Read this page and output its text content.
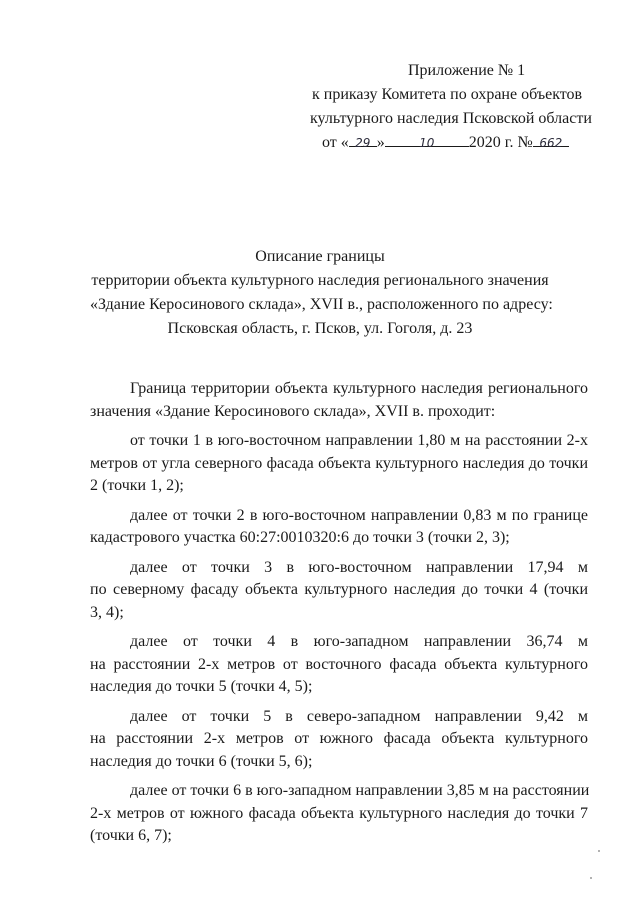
Приложение № 1
к приказу Комитета по охране объектов
культурного наследия Псковской области
от « 29 »	10 2020 г. № 662
Описание границы
территории объекта культурного наследия регионального значения
«Здание Керосинового склада», XVII в., расположенного по адресу:
Псковская область, г. Псков, ул. Гоголя, д. 23
Граница территории объекта культурного наследия регионального
значения «Здание Керосинового склада», XVII в. проходит:
от точки 1 в юго-восточном направлении 1,80 м на расстоянии 2-х
метров от угла северного фасада объекта культурного наследия до точки
2 (точки 1, 2);
далее от точки 2 в юго-восточном направлении 0,83 м по границе
кадастрового участка 60:27:0010320:6 до точки 3 (точки 2, 3);
далее от точки 3 в юго-восточном направлении 17,94 м
по северному фасаду объекта культурного наследия до точки 4 (точки
3, 4);
далее от точки 4 в юго-западном направлении 36,74 м
на расстоянии 2-х метров от восточного фасада объекта культурного
наследия до точки 5 (точки 4, 5);
далее от точки 5 в северо-западном направлении 9,42 м
на расстоянии 2-х метров от южного фасада объекта культурного
наследия до точки 6 (точки 5, 6);
далее от точки 6 в юго-западном направлении 3,85 м на расстоянии
2-х метров от южного фасада объекта культурного наследия до точки 7
(точки 6, 7);
